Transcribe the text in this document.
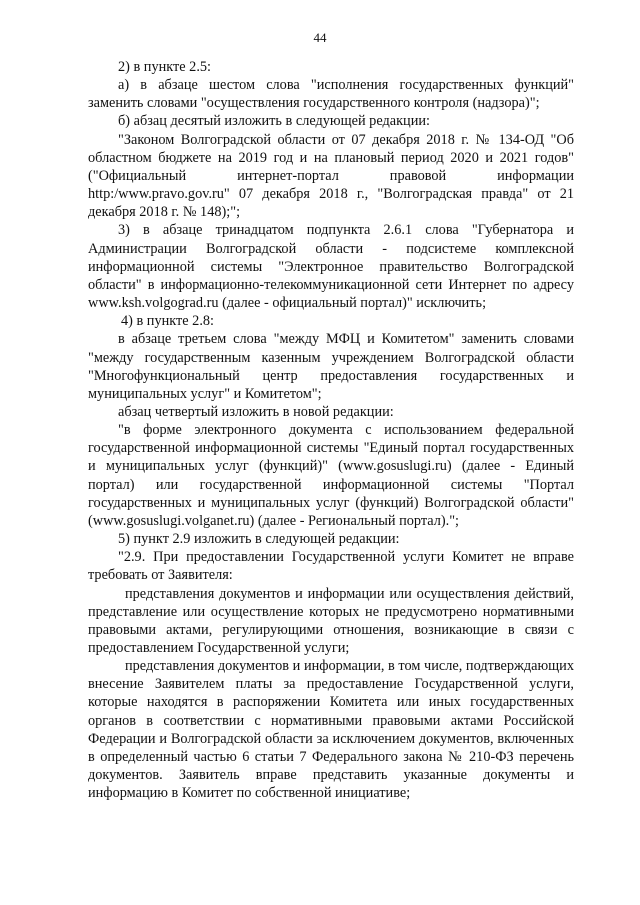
44

2) в пункте 2.5:

а) в абзаце шестом слова "исполнения государственных функций" заменить словами "осуществления государственного контроля (надзора)";

б) абзац десятый изложить в следующей редакции:

"Законом Волгоградской области от 07 декабря 2018 г. № 134-ОД "Об областном бюджете на 2019 год и на плановый период 2020 и 2021 годов" ("Официальный интернет-портал правовой информации http:/www.pravo.gov.ru" 07 декабря 2018 г., "Волгоградская правда" от 21 декабря 2018 г. № 148);";

3) в абзаце тринадцатом подпункта 2.6.1 слова "Губернатора и Администрации Волгоградской области - подсистеме комплексной информационной системы "Электронное правительство Волгоградской области" в информационно-телекоммуникационной сети Интернет по адресу www.ksh.volgograd.ru (далее - официальный портал)" исключить;

4) в пункте 2.8:

в абзаце третьем слова "между МФЦ и Комитетом" заменить словами "между государственным казенным учреждением Волгоградской области "Многофункциональный центр предоставления государственных и муниципальных услуг" и Комитетом";

абзац четвертый изложить в новой редакции:

"в форме электронного документа с использованием федеральной государственной информационной системы "Единый портал государственных и муниципальных услуг (функций)" (www.gosuslugi.ru) (далее - Единый портал) или государственной информационной системы "Портал государственных и муниципальных услуг (функций) Волгоградской области" (www.gosuslugi.volganet.ru) (далее - Региональный портал).";

5) пункт 2.9 изложить в следующей редакции:

"2.9. При предоставлении Государственной услуги Комитет не вправе требовать от Заявителя:

представления документов и информации или осуществления действий, представление или осуществление которых не предусмотрено нормативными правовыми актами, регулирующими отношения, возникающие в связи с предоставлением Государственной услуги;

представления документов и информации, в том числе, подтверждающих внесение Заявителем платы за предоставление Государственной услуги, которые находятся в распоряжении Комитета или иных государственных органов в соответствии с нормативными правовыми актами Российской Федерации и Волгоградской области за исключением документов, включенных в определенный частью 6 статьи 7 Федерального закона № 210-ФЗ перечень документов. Заявитель вправе представить указанные документы и информацию в Комитет по собственной инициативе;
